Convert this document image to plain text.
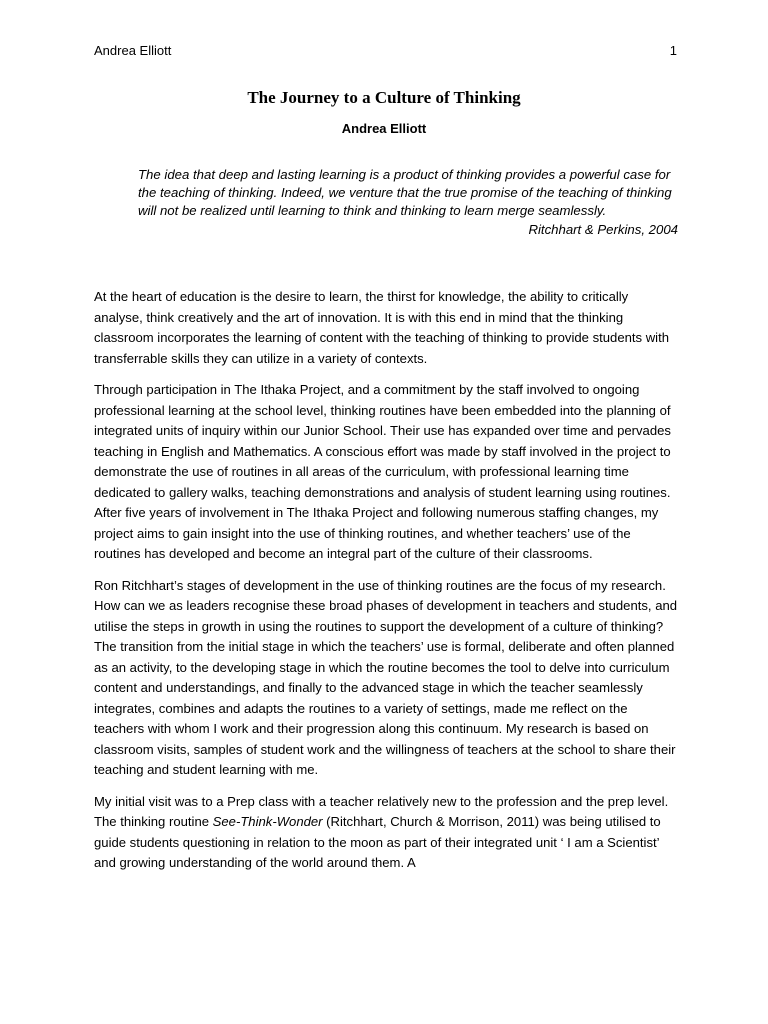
Andrea Elliott	1
The Journey to a Culture of Thinking
Andrea Elliott

The idea that deep and lasting learning is a product of thinking provides a powerful case for the teaching of thinking. Indeed, we venture that the true promise of the teaching of thinking will not be realized until learning to think and thinking to learn merge seamlessly.

Ritchhart & Perkins, 2004

At the heart of education is the desire to learn, the thirst for knowledge, the ability to critically analyse, think creatively and the art of innovation. It is with this end in mind that the thinking classroom incorporates the learning of content with the teaching of thinking to provide students with transferrable skills they can utilize in a variety of contexts.

Through participation in The Ithaka Project, and a commitment by the staff involved to ongoing professional learning at the school level, thinking routines have been embedded into the planning of integrated units of inquiry within our Junior School. Their use has expanded over time and pervades teaching in English and Mathematics. A conscious effort was made by staff involved in the project to demonstrate the use of routines in all areas of the curriculum, with professional learning time dedicated to gallery walks, teaching demonstrations and analysis of student learning using routines. After five years of involvement in The Ithaka Project and following numerous staffing changes, my project aims to gain insight into the use of thinking routines, and whether teachers’ use of the routines has developed and become an integral part of the culture of their classrooms.

Ron Ritchhart’s stages of development in the use of thinking routines are the focus of my research. How can we as leaders recognise these broad phases of development in teachers and students, and utilise the steps in growth in using the routines to support the development of a culture of thinking? The transition from the initial stage in which the teachers’ use is formal, deliberate and often planned as an activity, to the developing stage in which the routine becomes the tool to delve into curriculum content and understandings, and finally to the advanced stage in which the teacher seamlessly integrates, combines and adapts the routines to a variety of settings, made me reflect on the teachers with whom I work and their progression along this continuum. My research is based on classroom visits, samples of student work and the willingness of teachers at the school to share their teaching and student learning with me.

My initial visit was to a Prep class with a teacher relatively new to the profession and the prep level. The thinking routine See-Think-Wonder (Ritchhart, Church & Morrison, 2011) was being utilised to guide students questioning in relation to the moon as part of their integrated unit ‘ I am a Scientist’ and growing understanding of the world around them. A
